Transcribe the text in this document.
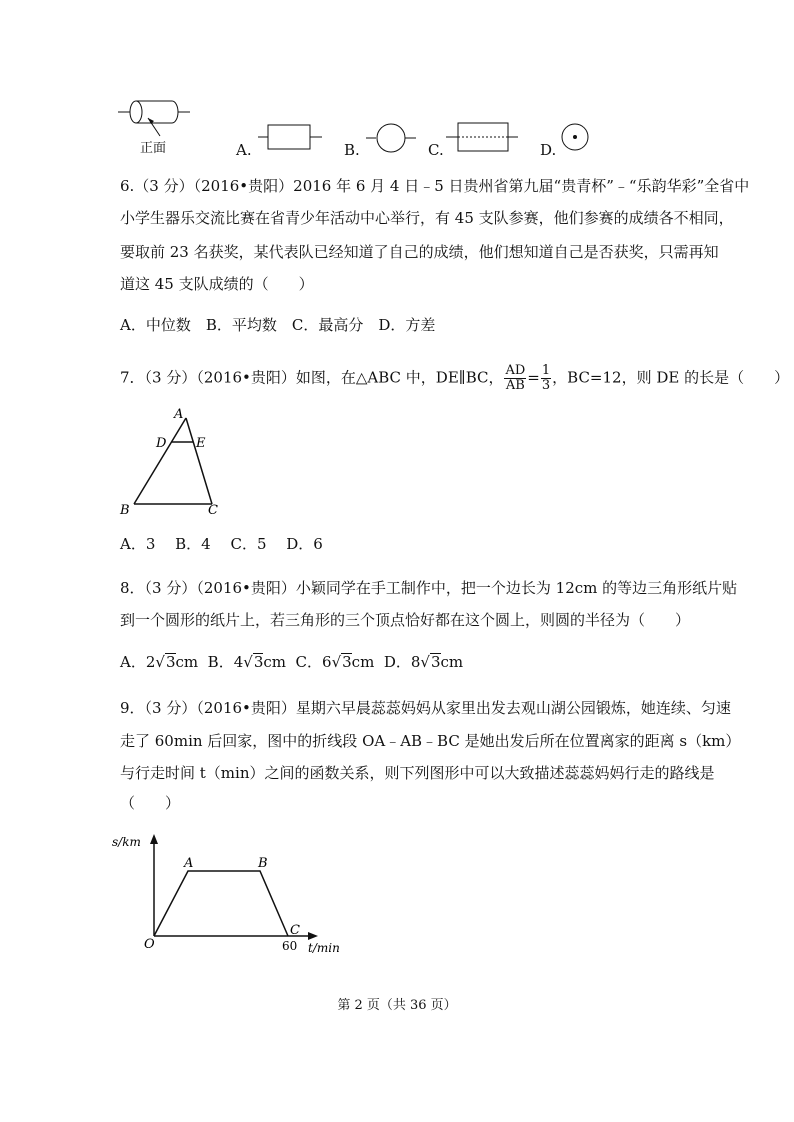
正面	A.	B.	C.	D.
6.（3 分）（2016•贵阳）2016 年 6 月 4 日﹣5 日贵州省第九届“贵青杯”﹣“乐韵华彩”全省中
小学生器乐交流比赛在省青少年活动中心举行，有 45 支队参赛，他们参赛的成绩各不相同，
要取前 23 名获奖，某代表队已经知道了自己的成绩，他们想知道自己是否获奖，只需再知
道这 45 支队成绩的（　　）
A．中位数　B．平均数　C．最高分　D．方差
7．（3 分）（2016•贵阳）如图，在△ABC 中，DE∥BC， $\frac{AD}{AB} = \frac{1}{3}$ ，BC=12，则 DE 的长是（　　）
A
D E
B	C
A．3　 B．4　 C．5　 D．6
8．（3 分）（2016•贵阳）小颖同学在手工制作中，把一个边长为 12cm 的等边三角形纸片贴
到一个圆形的纸片上，若三角形的三个顶点恰好都在这个圆上，则圆的半径为（　　）
A．2√3cm B．4√3cm C．6√3cm D．8√3cm
9．（3 分）（2016•贵阳）星期六早晨蕊蕊妈妈从家里出发去观山湖公园锻炼，她连续、匀速
走了 60min 后回家，图中的折线段 OA﹣AB﹣BC 是她出发后所在位置离家的距离 s（km）
与行走时间 t（min）之间的函数关系，则下列图形中可以大致描述蕊蕊妈妈行走的路线是
（　　）
s/km
t/min
O
A	B
C
60
第 2 页（共 36 页）
